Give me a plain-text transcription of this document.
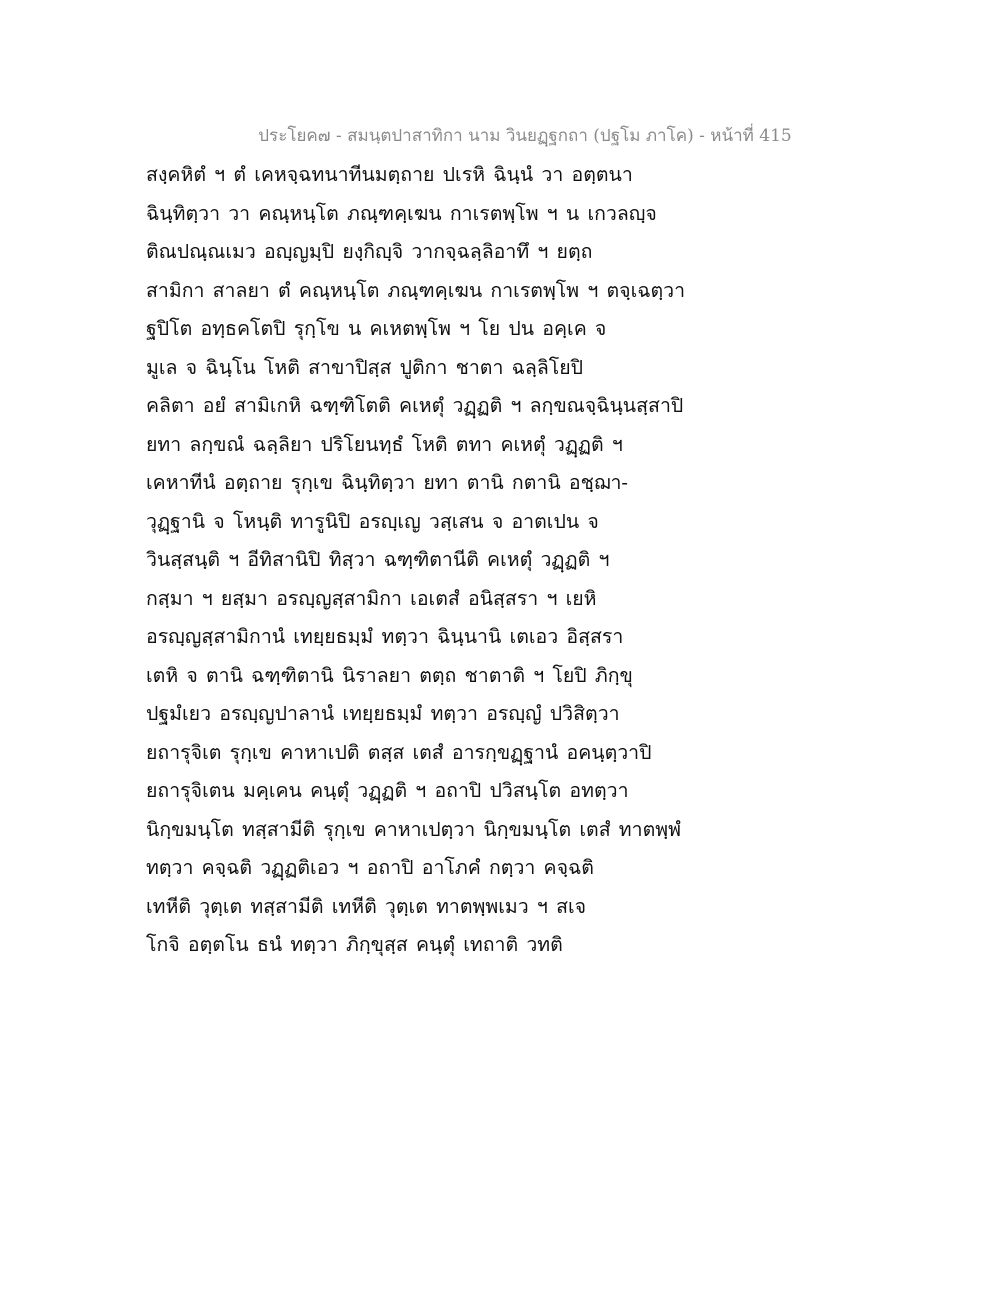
ประโยค๗ - สมนฺตปาสาทิกา นาม วินยฏฺฐกถา (ปฐโม ภาโค) - หน้าที่ 415
สงฺคหิตํ ฯ ตํ เคหจฺฉทนาทีนมตฺถาย ปเรหิ ฉินฺนํ วา อตฺตนา
ฉินฺทิตฺวา วา คณฺหนฺโต ภณฺฑคฺเฆน กาเรตพฺโพ ฯ น เกวลญฺจ
ติณปณฺณเมว อญฺญมฺปิ ยงฺกิญฺจิ วากจฺฉลฺลิอาทึ ฯ ยตฺถ
สามิกา สาลยา ตํ คณฺหนฺโต ภณฺฑคฺเฆน กาเรตพฺโพ ฯ ตจฺเฉตฺวา
ฐปิโต อทฺธคโตปิ รุกฺโข น คเหตพฺโพ ฯ โย ปน อคฺเค จ
มูเล จ ฉินฺโน โหติ สาขาปิสฺส ปูติกา ชาตา ฉลฺลิโยปิ
คลิตา อยํ สามิเกหิ ฉฑฺฑิโตติ คเหตุํ วฏฺฏติ ฯ ลกฺขณจฺฉินฺนสฺสาปิ
ยทา ลกฺขณํ ฉลฺลิยา ปริโยนทฺธํ โหติ ตทา คเหตุํ วฏฺฏติ ฯ
เคหาทีนํ อตฺถาย รุกฺเข ฉินฺทิตฺวา ยทา ตานิ กตานิ อชฺฌา-
วุฏฺฐานิ จ โหนฺติ ทารูนิปิ อรญฺเญ วสฺเสน จ อาตเปน จ
วินสฺสนฺติ ฯ อีทิสานิปิ ทิสฺวา ฉฑฺฑิตานีติ คเหตุํ วฏฺฏติ ฯ
กสฺมา ฯ ยสฺมา อรญฺญสฺสามิกา เอเตสํ อนิสฺสรา ฯ เยหิ
อรญฺญสฺสามิกานํ เทยฺยธมฺมํ ทตฺวา ฉินฺนานิ เตเอว อิสฺสรา
เตหิ จ ตานิ ฉฑฺฑิตานิ นิราลยา ตตฺถ ชาตาติ ฯ โยปิ ภิกฺขุ
ปฐมํเยว อรญฺญปาลานํ เทยฺยธมฺมํ ทตฺวา อรญฺญํ ปวิสิตฺวา
ยถารุจิเต รุกฺเข คาหาเปติ ตสฺส เตสํ อารกฺขฏฺฐานํ อคนฺตฺวาปิ
ยถารุจิเตน มคฺเคน คนฺตุํ วฏฺฏติ ฯ อถาปิ ปวิสนฺโต อทตฺวา
นิกฺขมนฺโต ทสฺสามีติ รุกฺเข คาหาเปตฺวา นิกฺขมนฺโต เตสํ ทาตพฺพํ
ทตฺวา คจฺฉติ วฏฺฏติเอว ฯ อถาปิ อาโภคํ กตฺวา คจฺฉติ
เทหีติ วุตฺเต ทสฺสามีติ เทหีติ วุตฺเต ทาตพฺพเมว ฯ สเจ
โกจิ อตฺตโน ธนํ ทตฺวา ภิกฺขุสฺส คนฺตุํ เทถาติ วทติ
